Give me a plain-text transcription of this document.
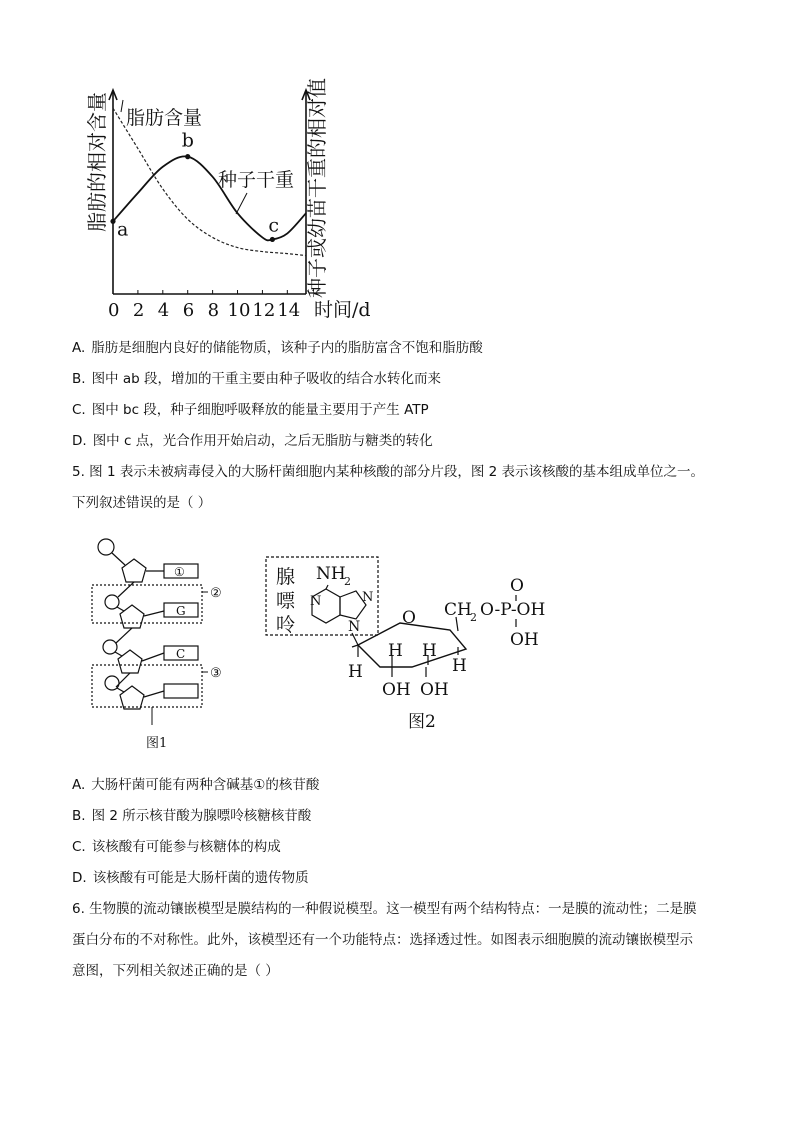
0 2 4 6 8 10 12 14
a
b
c
脂肪含量
种子干重
时间/d
脂肪的相对含量	种子或幼苗干重的相对值
A. 脂肪是细胞内良好的储能物质，该种子内的脂肪富含不饱和脂肪酸
B. 图中 ab 段，增加的干重主要由种子吸收的结合水转化而来
C. 图中 bc 段，种子细胞呼吸释放的能量主要用于产生 ATP
D. 图中 c 点，光合作用开始启动，之后无脂肪与糖类的转化
5. 图 1 表示未被病毒侵入的大肠杆菌细胞内某种核酸的部分片段，图 2 表示该核酸的基本组成单位之一。
下列叙述错误的是（ ）
①
②
G
C
③
图1
腺
嘌
呤
NH
2
N	N
N O
H
H H
H
OH OH
CH
2 O-P-OH
O
OH
图2
A. 大肠杆菌可能有两种含碱基①的核苷酸
B. 图 2 所示核苷酸为腺嘌呤核糖核苷酸
C. 该核酸有可能参与核糖体的构成
D. 该核酸有可能是大肠杆菌的遗传物质
6. 生物膜的流动镶嵌模型是膜结构的一种假说模型。这一模型有两个结构特点：一是膜的流动性；二是膜
蛋白分布的不对称性。此外，该模型还有一个功能特点：选择透过性。如图表示细胞膜的流动镶嵌模型示
意图，下列相关叙述正确的是（ ）
